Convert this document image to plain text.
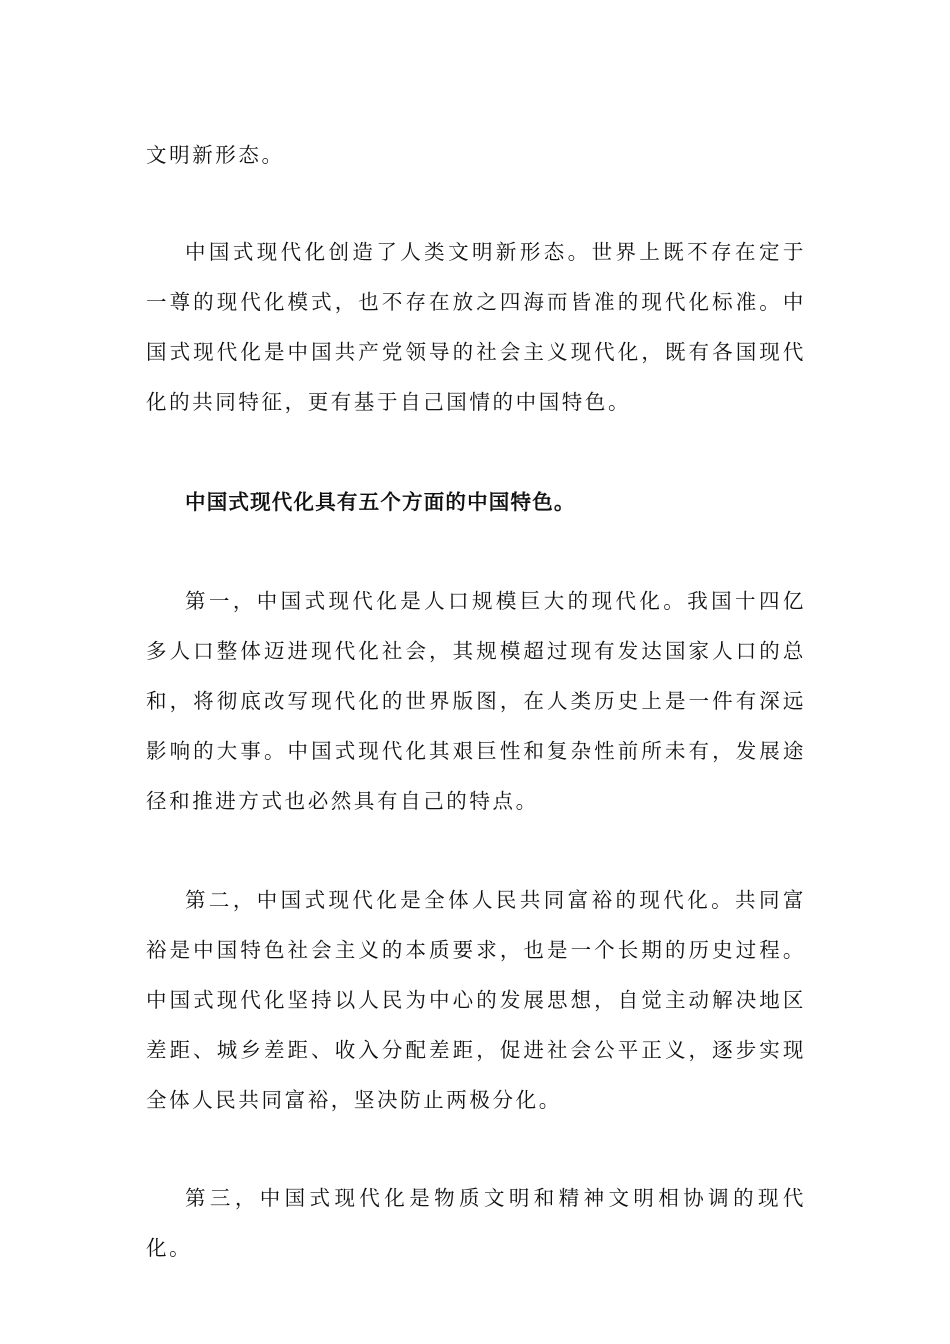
文明新形态。

中国式现代化创造了人类文明新形态。世界上既不存在定于一尊的现代化模式，也不存在放之四海而皆准的现代化标准。中国式现代化是中国共产党领导的社会主义现代化，既有各国现代化的共同特征，更有基于自己国情的中国特色。

中国式现代化具有五个方面的中国特色。

第一，中国式现代化是人口规模巨大的现代化。我国十四亿多人口整体迈进现代化社会，其规模超过现有发达国家人口的总和，将彻底改写现代化的世界版图，在人类历史上是一件有深远影响的大事。中国式现代化其艰巨性和复杂性前所未有，发展途径和推进方式也必然具有自己的特点。

第二，中国式现代化是全体人民共同富裕的现代化。共同富裕是中国特色社会主义的本质要求，也是一个长期的历史过程。中国式现代化坚持以人民为中心的发展思想，自觉主动解决地区差距、城乡差距、收入分配差距，促进社会公平正义，逐步实现全体人民共同富裕，坚决防止两极分化。

第三，中国式现代化是物质文明和精神文明相协调的现代化。
